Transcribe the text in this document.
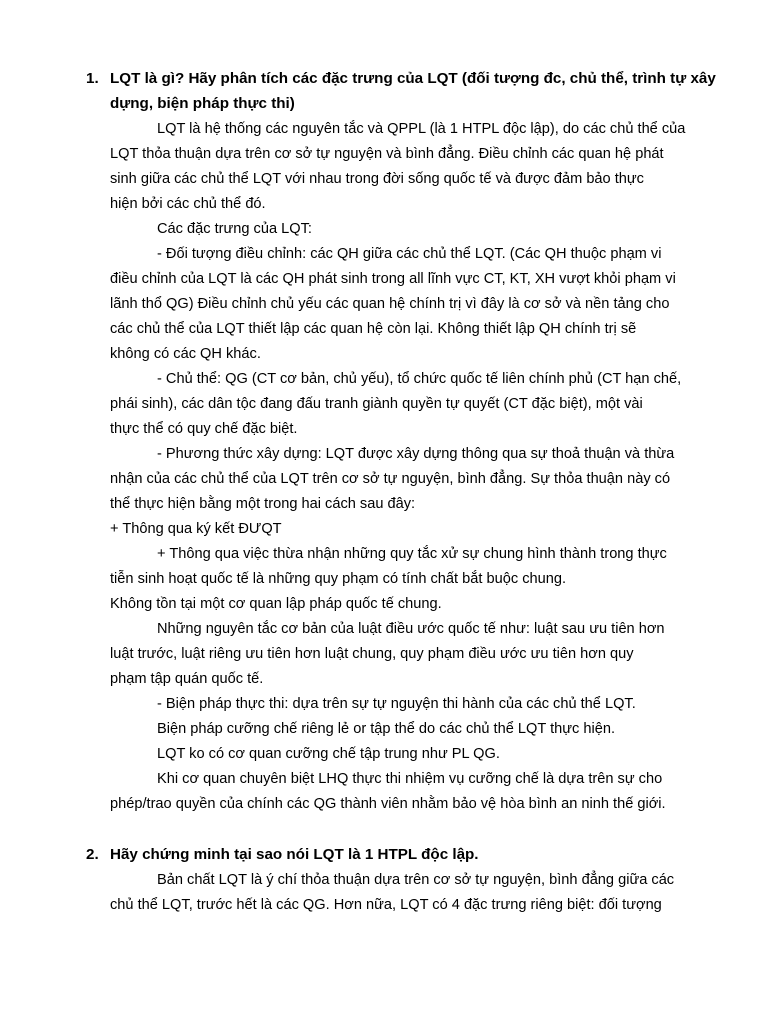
1. LQT là gì? Hãy phân tích các đặc trưng của LQT (đối tượng đc, chủ thể, trình tự xây
dựng, biện pháp thực thi)
LQT là hệ thống các nguyên tắc và QPPL (là 1 HTPL độc lập), do các chủ thể của
LQT thỏa thuận dựa trên cơ sở tự nguyện và bình đẳng. Điều chỉnh các quan hệ phát
sinh giữa các chủ thể LQT với nhau trong đời sống quốc tế và được đảm bảo thực
hiện bởi các chủ thể đó.
Các đặc trưng của LQT:
- Đối tượng điều chỉnh: các QH giữa các chủ thể LQT. (Các QH thuộc phạm vi
điều chỉnh của LQT là các QH phát sinh trong all lĩnh vực CT, KT, XH vượt khỏi phạm vi
lãnh thổ QG) Điều chỉnh chủ yếu các quan hệ chính trị vì đây là cơ sở và nền tảng cho
các chủ thể của LQT thiết lập các quan hệ còn lại. Không thiết lập QH chính trị sẽ
không có các QH khác.
- Chủ thể: QG (CT cơ bản, chủ yếu), tổ chức quốc tế liên chính phủ (CT hạn chế,
phái sinh), các dân tộc đang đấu tranh giành quyền tự quyết (CT đặc biệt), một vài
thực thể có quy chế đặc biệt.
- Phương thức xây dựng: LQT được xây dựng thông qua sự thoả thuận và thừa
nhận của các chủ thể của LQT trên cơ sở tự nguyện, bình đẳng. Sự thỏa thuận này có
thể thực hiện bằng một trong hai cách sau đây:
+ Thông qua ký kết ĐƯQT
+ Thông qua việc thừa nhận những quy tắc xử sự chung hình thành trong thực
tiễn sinh hoạt quốc tế là những quy phạm có tính chất bắt buộc chung.
Không tồn tại một cơ quan lập pháp quốc tế chung.
Những nguyên tắc cơ bản của luật điều ước quốc tế như: luật sau ưu tiên hơn
luật trước, luật riêng ưu tiên hơn luật chung, quy phạm điều ước ưu tiên hơn quy
phạm tập quán quốc tế.
- Biện pháp thực thi: dựa trên sự tự nguyện thi hành của các chủ thể LQT.
Biện pháp cưỡng chế riêng lẻ or tập thể do các chủ thể LQT thực hiện.
LQT ko có cơ quan cưỡng chế tập trung như PL QG.
Khi cơ quan chuyên biệt LHQ thực thi nhiệm vụ cưỡng chế là dựa trên sự cho
phép/trao quyền của chính các QG thành viên nhằm bảo vệ hòa bình an ninh thế giới.
2. Hãy chứng minh tại sao nói LQT là 1 HTPL độc lập.
Bản chất LQT là ý chí thỏa thuận dựa trên cơ sở tự nguyện, bình đẳng giữa các
chủ thể LQT, trước hết là các QG. Hơn nữa, LQT có 4 đặc trưng riêng biệt: đối tượng
